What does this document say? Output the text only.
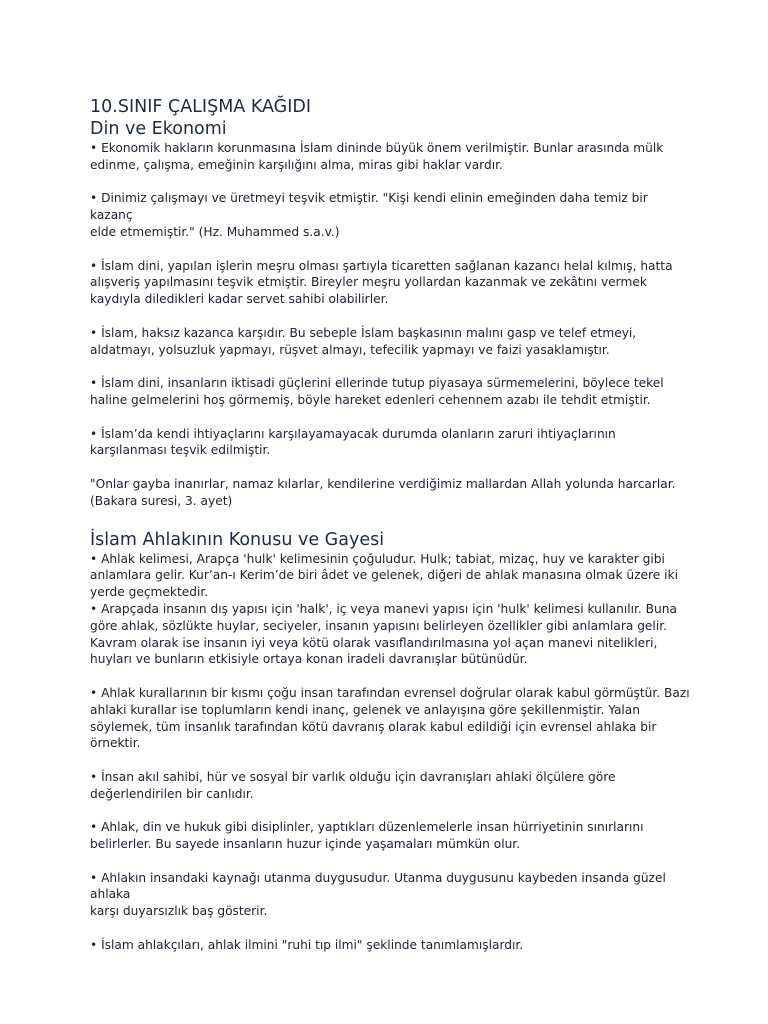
10.SINIF ÇALIŞMA KAĞIDI
Din ve Ekonomi

• Ekonomik hakların korunmasına İslam dininde büyük önem verilmiştir. Bunlar arasında mülk
edinme, çalışma, emeğinin karşılığını alma, miras gibi haklar vardır.

• Dinimiz çalışmayı ve üretmeyi teşvik etmiştir. "Kişi kendi elinin emeğinden daha temiz bir kazanç
elde etmemiştir." (Hz. Muhammed s.a.v.)

• İslam dini, yapılan işlerin meşru olması şartıyla ticaretten sağlanan kazancı helal kılmış, hatta
alışveriş yapılmasını teşvik etmiştir. Bireyler meşru yollardan kazanmak ve zekâtını vermek
kaydıyla diledikleri kadar servet sahibi olabilirler.

• İslam, haksız kazanca karşıdır. Bu sebeple İslam başkasının malını gasp ve telef etmeyi,
aldatmayı, yolsuzluk yapmayı, rüşvet almayı, tefecilik yapmayı ve faizi yasaklamıştır.

• İslam dini, insanların iktisadi güçlerini ellerinde tutup piyasaya sürmemelerini, böylece tekel
haline gelmelerini hoş görmemiş, böyle hareket edenleri cehennem azabı ile tehdit etmiştir.

• İslam’da kendi ihtiyaçlarını karşılayamayacak durumda olanların zaruri ihtiyaçlarının
karşılanması teşvik edilmiştir.

"Onlar gayba inanırlar, namaz kılarlar, kendilerine verdiğimiz mallardan Allah yolunda harcarlar.
(Bakara suresi, 3. ayet)

İslam Ahlakının Konusu ve Gayesi

• Ahlak kelimesi, Arapça 'hulk' kelimesinin çoğuludur. Hulk; tabiat, mizaç, huy ve karakter gibi
anlamlara gelir. Kur’an-ı Kerim’de biri âdet ve gelenek, diğeri de ahlak manasına olmak üzere iki
yerde geçmektedir.
• Arapçada insanın dış yapısı için 'halk', iç veya manevi yapısı için 'hulk' kelimesi kullanılır. Buna
göre ahlak, sözlükte huylar, seciyeler, insanın yapısını belirleyen özellikler gibi anlamlara gelir.
Kavram olarak ise insanın iyi veya kötü olarak vasıflandırılmasına yol açan manevi nitelikleri,
huyları ve bunların etkisiyle ortaya konan iradeli davranışlar bütünüdür.

• Ahlak kurallarının bir kısmı çoğu insan tarafından evrensel doğrular olarak kabul görmüştür. Bazı
ahlaki kurallar ise toplumların kendi inanç, gelenek ve anlayışına göre şekillenmiştir. Yalan
söylemek, tüm insanlık tarafından kötü davranış olarak kabul edildiği için evrensel ahlaka bir
örnektir.

• İnsan akıl sahibi, hür ve sosyal bir varlık olduğu için davranışları ahlaki ölçülere göre
değerlendirilen bir canlıdır.

• Ahlak, din ve hukuk gibi disiplinler, yaptıkları düzenlemelerle insan hürriyetinin sınırlarını
belirlerler. Bu sayede insanların huzur içinde yaşamaları mümkün olur.

• Ahlakın insandaki kaynağı utanma duygusudur. Utanma duygusunu kaybeden insanda güzel ahlaka
karşı duyarsızlık baş gösterir.

• İslam ahlakçıları, ahlak ilmini "ruhi tıp ilmi" şeklinde tanımlamışlardır.
